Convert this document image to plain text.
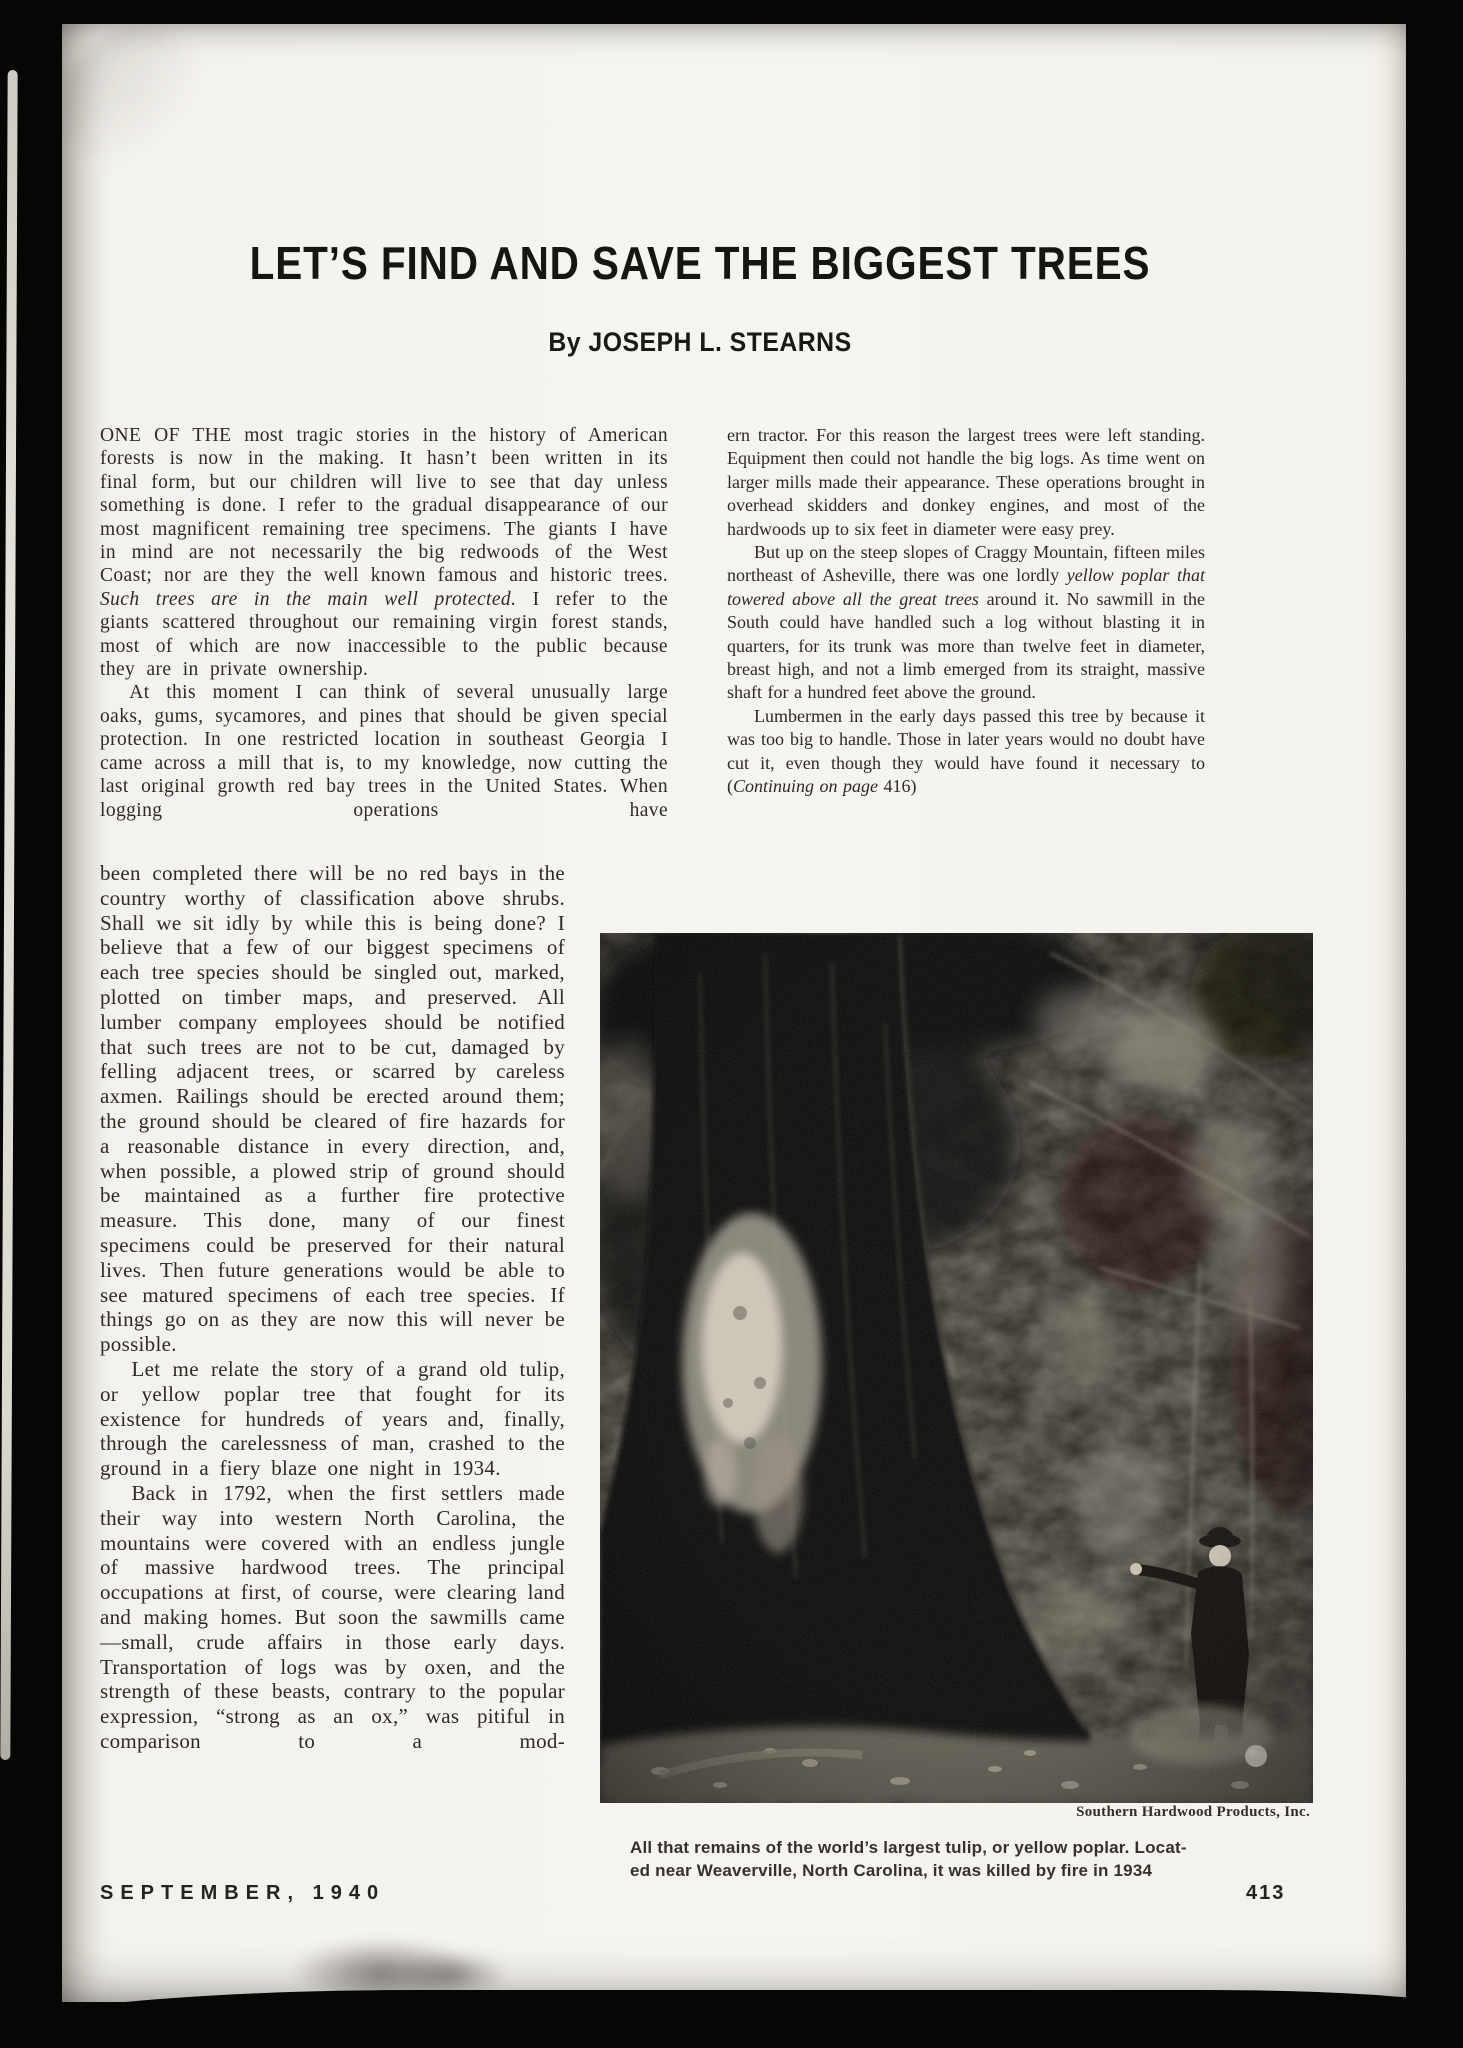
LET’S FIND AND SAVE THE BIGGEST TREES
By JOSEPH L. STEARNS

ONE OF THE most tragic stories in the history of American forests is now in the making. It hasn’t been written in its final form, but our children will live to see that day unless something is done. I refer to the gradual disappearance of our most magnificent remaining tree specimens. The giants I have in mind are not necessarily the big redwoods of the West Coast; nor are they the well known famous and historic trees. Such trees are in the main well protected. I refer to the giants scattered throughout our remaining virgin forest stands, most of which are now inaccessible to the public because they are in private ownership.

At this moment I can think of several unusually large oaks, gums, sycamores, and pines that should be given special protection. In one restricted location in southeast Georgia I came across a mill that is, to my knowledge, now cutting the last original growth red bay trees in the United States. When logging operations have

ern tractor. For this reason the largest trees were left standing. Equipment then could not handle the big logs. As time went on larger mills made their appearance. These operations brought in overhead skidders and donkey engines, and most of the hardwoods up to six feet in diameter were easy prey.

But up on the steep slopes of Craggy Mountain, fifteen miles northeast of Asheville, there was one lordly yellow poplar that towered above all the great trees around it. No sawmill in the South could have handled such a log without blasting it in quarters, for its trunk was more than twelve feet in diameter, breast high, and not a limb emerged from its straight, massive shaft for a hundred feet above the ground.

Lumbermen in the early days passed this tree by because it was too big to handle. Those in later years would no doubt have cut it, even though they would have found it necessary to (Continuing on page 416)

been completed there will be no red bays in the country worthy of classification above shrubs. Shall we sit idly by while this is being done? I believe that a few of our biggest specimens of each tree species should be singled out, marked, plotted on timber maps, and preserved. All lumber company employees should be notified that such trees are not to be cut, damaged by felling adjacent trees, or scarred by careless axmen. Railings should be erected around them; the ground should be cleared of fire hazards for a reasonable distance in every direction, and, when possible, a plowed strip of ground should be maintained as a further fire protective measure. This done, many of our finest specimens could be preserved for their natural lives. Then future generations would be able to see matured specimens of each tree species. If things go on as they are now this will never be possible.

Let me relate the story of a grand old tulip, or yellow poplar tree that fought for its existence for hundreds of years and, finally, through the carelessness of man, crashed to the ground in a fiery blaze one night in 1934.

Back in 1792, when the first settlers made their way into western North Carolina, the mountains were covered with an endless jungle of massive hardwood trees. The principal occupations at first, of course, were clearing land and making homes. But soon the sawmills came—small, crude affairs in those early days. Transportation of logs was by oxen, and the strength of these beasts, contrary to the popular expression, “strong as an ox,” was pitiful in comparison to a mod-

Southern Hardwood Products, Inc.
All that remains of the world’s largest tulip, or yellow poplar. Locat-
ed near Weaverville, North Carolina, it was killed by fire in 1934
SEPTEMBER, 1940	413
